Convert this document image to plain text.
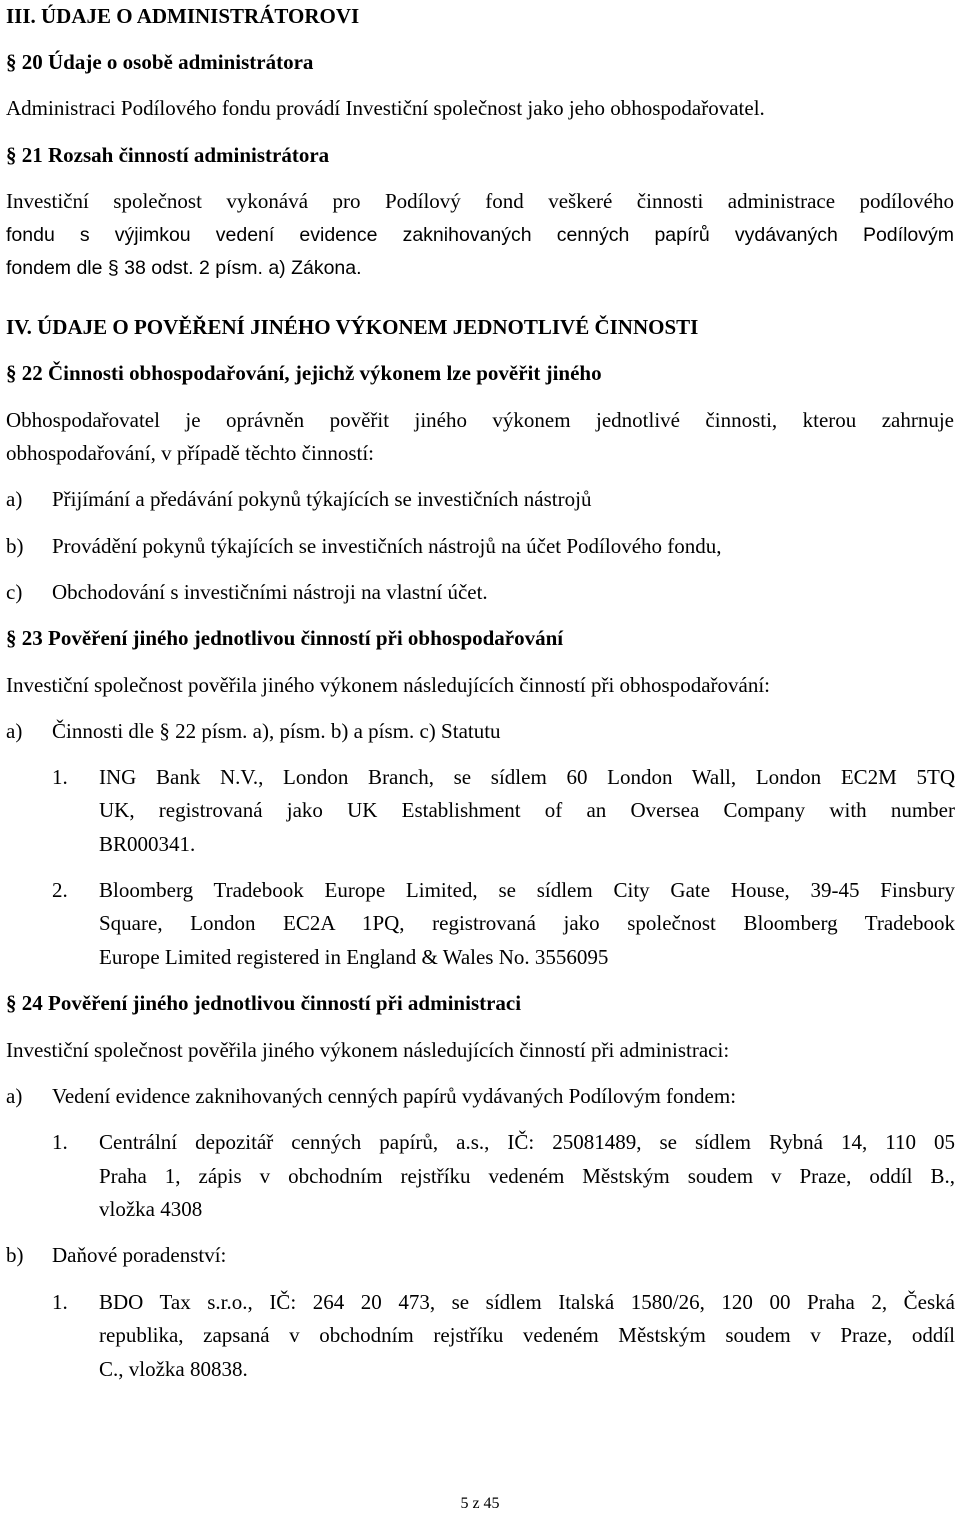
III. ÚDAJE O ADMINISTRÁTOROVI
§ 20 Údaje o osobě administrátora
Administraci Podílového fondu provádí Investiční společnost jako jeho obhospodařovatel.
§ 21 Rozsah činností administrátora
Investiční společnost vykonává pro Podílový fond veškeré činnosti administrace podílového
fondu s výjimkou vedení evidence zaknihovaných cenných papírů vydávaných Podílovým
fondem dle § 38 odst. 2 písm. a) Zákona.
IV. ÚDAJE O POVĚŘENÍ JINÉHO VÝKONEM JEDNOTLIVÉ ČINNOSTI
§ 22 Činnosti obhospodařování, jejichž výkonem lze pověřit jiného
Obhospodařovatel je oprávněn pověřit jiného výkonem jednotlivé činnosti, kterou zahrnuje
obhospodařování, v případě těchto činností:
a) Přijímání a předávání pokynů týkajících se investičních nástrojů
b) Provádění pokynů týkajících se investičních nástrojů na účet Podílového fondu,
c) Obchodování s investičními nástroji na vlastní účet.
§ 23 Pověření jiného jednotlivou činností při obhospodařování
Investiční společnost pověřila jiného výkonem následujících činností při obhospodařování:
a) Činnosti dle § 22 písm. a), písm. b) a písm. c) Statutu
1. ING Bank N.V., London Branch, se sídlem 60 London Wall, London EC2M 5TQ
UK, registrovaná jako UK Establishment of an Oversea Company with number
BR000341.
2. Bloomberg Tradebook Europe Limited, se sídlem City Gate House, 39-45 Finsbury
Square, London EC2A 1PQ, registrovaná jako společnost Bloomberg Tradebook
Europe Limited registered in England & Wales No. 3556095
§ 24 Pověření jiného jednotlivou činností při administraci
Investiční společnost pověřila jiného výkonem následujících činností při administraci:
a) Vedení evidence zaknihovaných cenných papírů vydávaných Podílovým fondem:
1. Centrální depozitář cenných papírů, a.s., IČ: 25081489, se sídlem Rybná 14, 110 05
Praha 1, zápis v obchodním rejstříku vedeném Městským soudem v Praze, oddíl B.,
vložka 4308
b) Daňové poradenství:
1. BDO Tax s.r.o., IČ: 264 20 473, se sídlem Italská 1580/26, 120 00 Praha 2, Česká
republika, zapsaná v obchodním rejstříku vedeném Městským soudem v Praze, oddíl
C., vložka 80838.
5 z 45
